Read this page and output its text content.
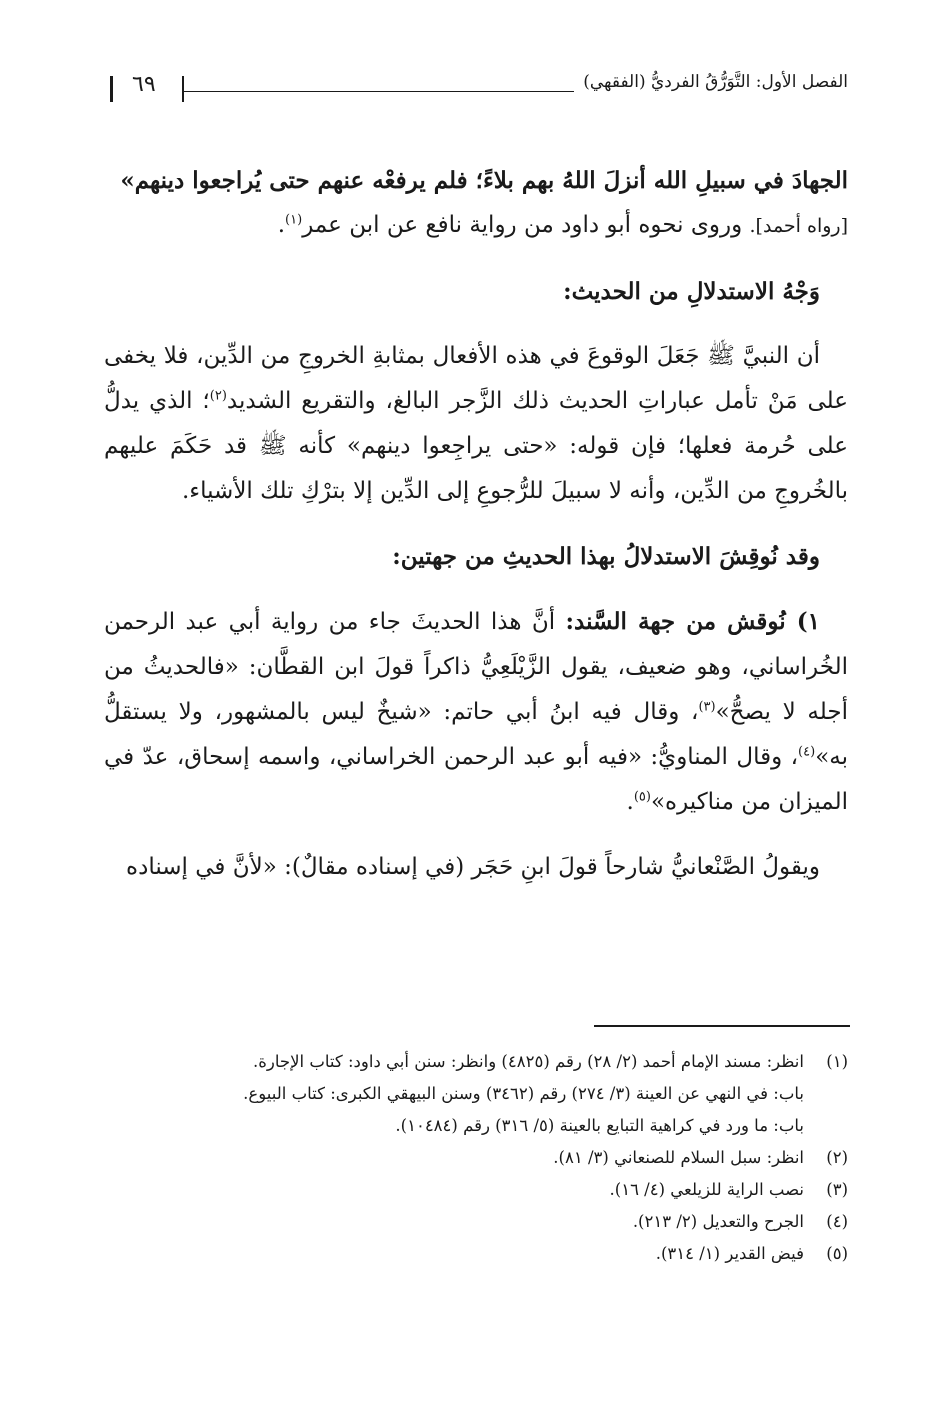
٦٩	الفصل الأول: التَّوَرُّقُ الفرديُّ (الفقهي)

الجهادَ في سبيلِ الله أنزلَ اللهُ بهم بلاءً؛ فلم يرفعْه عنهم حتى يُراجعوا دينهم»

[رواه أحمد]. وروى نحوه أبو داود من رواية نافع عن ابن عمر$^{(١)}$.

وَجْهُ الاستدلالِ من الحديث:

أن النبيَّ ﷺ جَعَلَ الوقوعَ في هذه الأفعال بمثابةِ الخروجِ من الدِّين، فلا يخفى على مَنْ تأمل عباراتِ الحديث ذلك الزَّجر البالغ، والتقريع الشديد$^{(٢)}$؛ الذي يدلُّ على حُرمة فعلها؛ فإن قوله: «حتى يراجِعوا دينهم» كأنه ﷺ قد حَكَمَ عليهم بالخُروجِ من الدِّين، وأنه لا سبيلَ للرُّجوعِ إلى الدِّين إلا بترْكِ تلك الأشياء.

وقد نُوقِشَ الاستدلالُ بهذا الحديثِ من جهتين:

١) نُوقش من جهة السَّند: أنَّ هذا الحديثَ جاء من رواية أبي عبد الرحمن الخُراساني، وهو ضعيف، يقول الزَّيْلَعِيُّ ذاكراً قولَ ابن القطَّان: «فالحديثُ من أجله لا يصحُّ»$^{(٣)}$، وقال فيه ابنُ أبي حاتم: «شيخٌ ليس بالمشهور، ولا يستقلُّ به»$^{(٤)}$، وقال المناويُّ: «فيه أبو عبد الرحمن الخراساني، واسمه إسحاق، عدّ في الميزان من مناكيره»$^{(٥)}$.

ويقولُ الصَّنْعانيُّ شارحاً قولَ ابنِ حَجَر (في إسناده مقالٌ): «لأنَّ في إسناده

(١)
انظر: مسند الإمام أحمد (٢/ ٢٨) رقم (٤٨٢٥) وانظر: سنن أبي داود: كتاب الإجارة.
باب: في النهي عن العينة (٣/ ٢٧٤) رقم (٣٤٦٢) وسنن البيهقي الكبرى: كتاب البيوع.
باب: ما ورد في كراهية التبايع بالعينة (٥/ ٣١٦) رقم (١٠٤٨٤).
(٢)
انظر: سبل السلام للصنعاني (٣/ ٨١).
(٣)
نصب الراية للزيلعي (٤/ ١٦).
(٤)
الجرح والتعديل (٢/ ٢١٣).
(٥)
فيض القدير (١/ ٣١٤).
